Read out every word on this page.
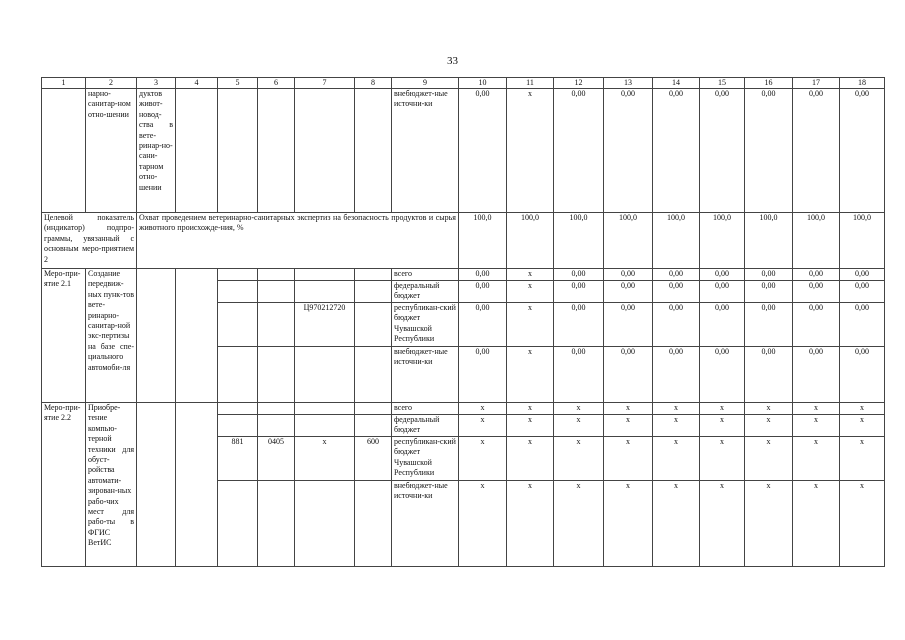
33
1	2	3	4	5	6	7	8	9	10	11	12	13	14	15	16	17	18
	нарно-санитар-ном отно-шении	дуктов живот-новод-ства в вете-ринар-но-сани-тарном отно-шении						внебюджет-ные источни-ки	0,00	x	0,00	0,00	0,00	0,00	0,00	0,00	0,00
Целевой показатель (индикатор) подпро-граммы, увязанный с основным меро-приятием 2		Охват проведением ветеринарно-санитарных экспертиз на безопасность продуктов и сырья животного происхожде-ния, %							100,0	100,0	100,0	100,0	100,0	100,0	100,0	100,0	100,0
Меро-при-ятие 2.1	Создание передвиж-ных пунк-тов вете-ринарно-санитар-ной экс-пертизы на базе спе-циального автомоби-ля							всего	0,00	x	0,00	0,00	0,00	0,00	0,00	0,00	0,00
								федеральный бюджет	0,00	x	0,00	0,00	0,00	0,00	0,00	0,00	0,00
						Ц970212720		республикан-ский бюджет Чувашской Республики	0,00	x	0,00	0,00	0,00	0,00	0,00	0,00	0,00
								внебюджет-ные источни-ки	0,00	x	0,00	0,00	0,00	0,00	0,00	0,00	0,00
Меро-при-ятие 2.2	Приобре-тение компью-терной техники для обуст-ройства автомати-зирован-ных рабо-чих мест для рабо-ты в ФГИС ВетИС							всего	x	x	x	x	x	x	x	x	x
								федеральный бюджет	x	x	x	x	x	x	x	x	x
				881	0405	x	600	республикан-ский бюджет Чувашской Республики	x	x	x	x	x	x	x	x	x
								внебюджет-ные источни-ки	x	x	x	x	x	x	x	x	x
